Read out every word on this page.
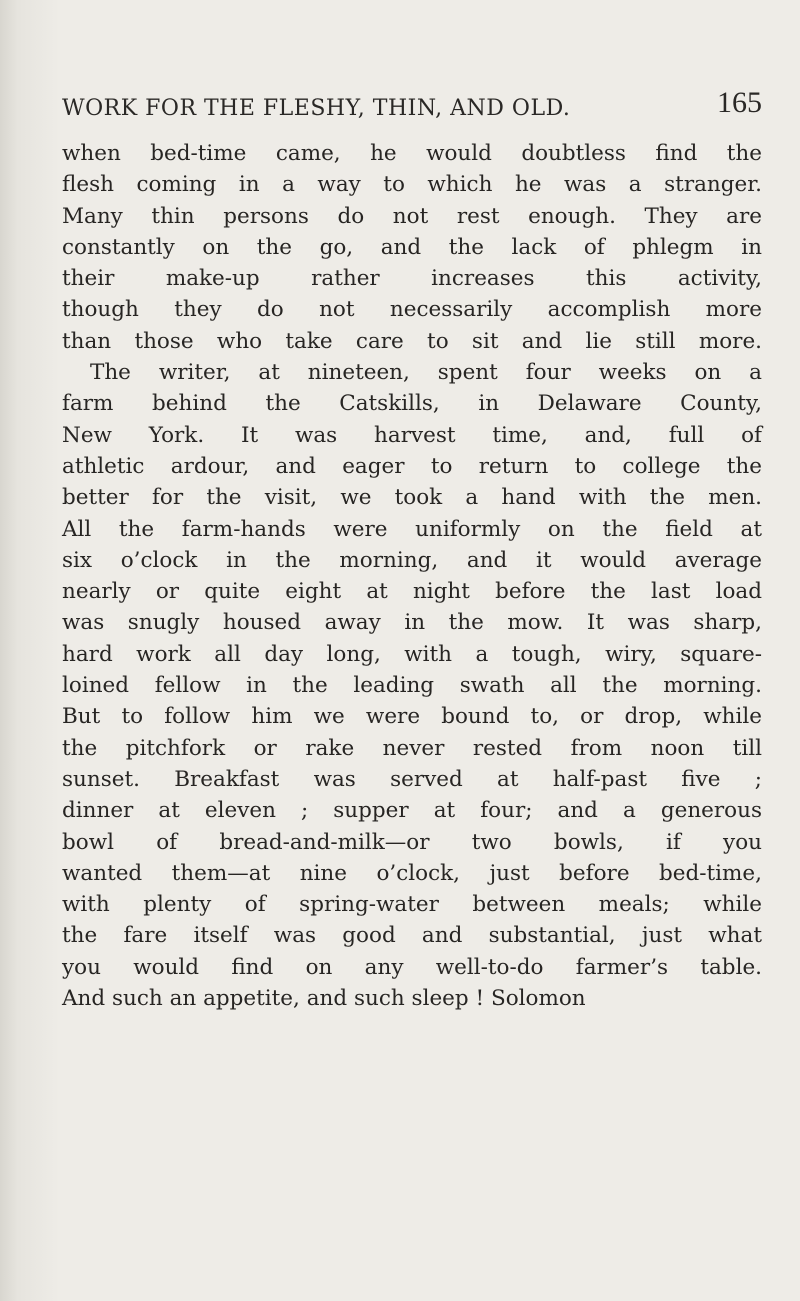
WORK FOR THE FLESHY, THIN, AND OLD.	165
when bed-time came, he would doubtless find the
flesh coming in a way to which he was a stranger.
Many thin persons do not rest enough. They are
constantly on the go, and the lack of phlegm in
their make-up rather increases this activity,
though they do not necessarily accomplish more
than those who take care to sit and lie still more.
The writer, at nineteen, spent four weeks on a
farm behind the Catskills, in Delaware County,
New York. It was harvest time, and, full of
athletic ardour, and eager to return to college the
better for the visit, we took a hand with the men.
All the farm-hands were uniformly on the field at
six o’clock in the morning, and it would average
nearly or quite eight at night before the last load
was snugly housed away in the mow. It was sharp,
hard work all day long, with a tough, wiry, square-
loined fellow in the leading swath all the morning.
But to follow him we were bound to, or drop, while
the pitchfork or rake never rested from noon till
sunset. Breakfast was served at half-past five ;
dinner at eleven ; supper at four; and a generous
bowl of bread-and-milk—or two bowls, if you
wanted them—at nine o’clock, just before bed-time,
with plenty of spring-water between meals; while
the fare itself was good and substantial, just what
you would find on any well-to-do farmer’s table.
And such an appetite, and such sleep ! Solomon
